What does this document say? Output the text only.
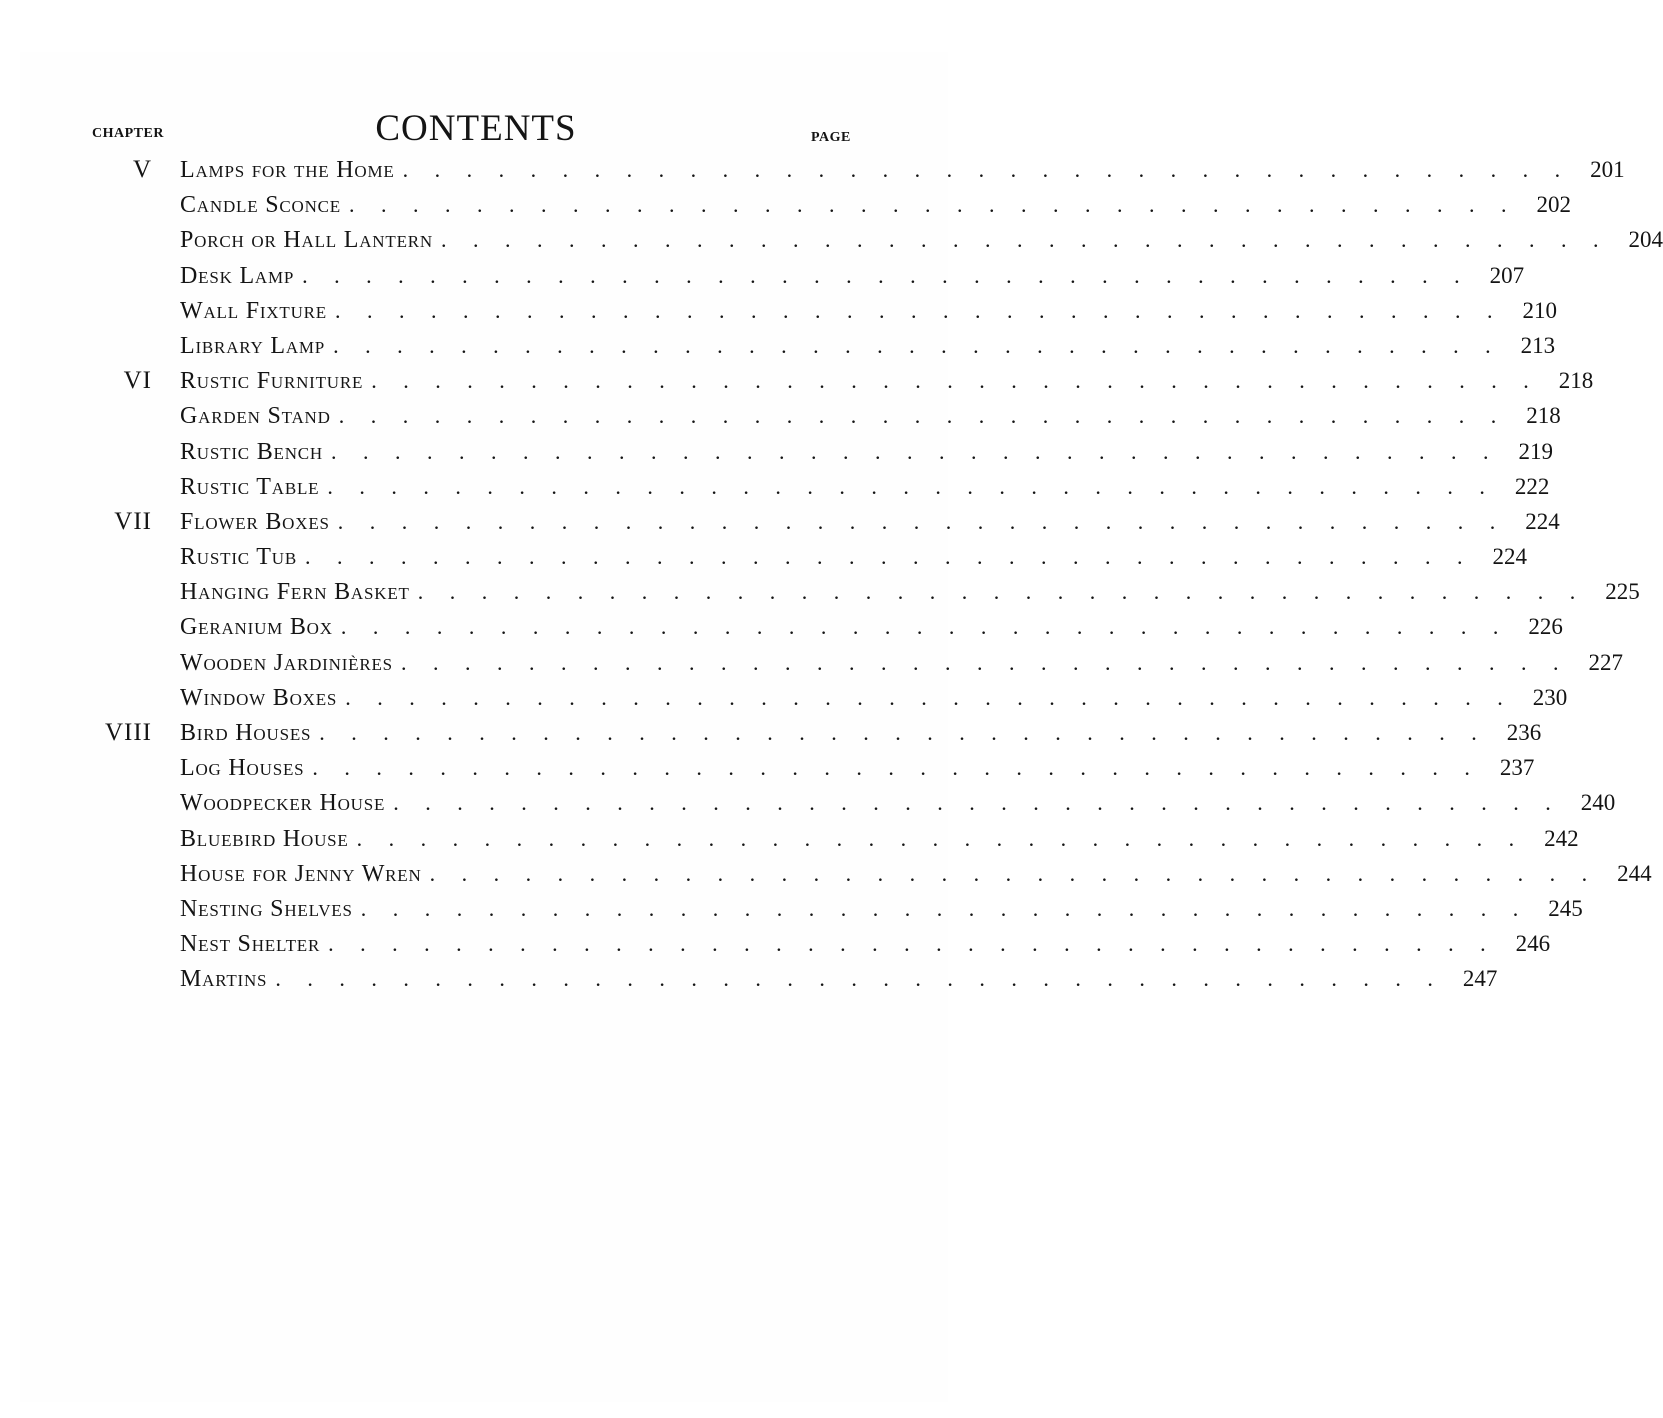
CONTENTS
CHAPTER	PAGE
V Lamps for the Home . . . . . . . . . . . . . . . . . . . . . . . . . . . . . . . . . . . . . 201
Candle Sconce . . . . . . . . . . . . . . . . . . . . . . . . . . . . . . . . . . . . . 202
Porch or Hall Lantern . . . . . . . . . . . . . . . . . . . . . . . . . . . . . . . . . . . . . 204
Desk Lamp . . . . . . . . . . . . . . . . . . . . . . . . . . . . . . . . . . . . . 207
Wall Fixture . . . . . . . . . . . . . . . . . . . . . . . . . . . . . . . . . . . . . 210
Library Lamp . . . . . . . . . . . . . . . . . . . . . . . . . . . . . . . . . . . . . 213
VI Rustic Furniture . . . . . . . . . . . . . . . . . . . . . . . . . . . . . . . . . . . . . 218
Garden Stand . . . . . . . . . . . . . . . . . . . . . . . . . . . . . . . . . . . . . 218
Rustic Bench . . . . . . . . . . . . . . . . . . . . . . . . . . . . . . . . . . . . . 219
Rustic Table . . . . . . . . . . . . . . . . . . . . . . . . . . . . . . . . . . . . . 222
VII Flower Boxes . . . . . . . . . . . . . . . . . . . . . . . . . . . . . . . . . . . . . 224
Rustic Tub . . . . . . . . . . . . . . . . . . . . . . . . . . . . . . . . . . . . . 224
Hanging Fern Basket . . . . . . . . . . . . . . . . . . . . . . . . . . . . . . . . . . . . . 225
Geranium Box . . . . . . . . . . . . . . . . . . . . . . . . . . . . . . . . . . . . . 226
Wooden Jardinières . . . . . . . . . . . . . . . . . . . . . . . . . . . . . . . . . . . . . 227
Window Boxes . . . . . . . . . . . . . . . . . . . . . . . . . . . . . . . . . . . . . 230
VIII Bird Houses . . . . . . . . . . . . . . . . . . . . . . . . . . . . . . . . . . . . . 236
Log Houses . . . . . . . . . . . . . . . . . . . . . . . . . . . . . . . . . . . . . 237
Woodpecker House . . . . . . . . . . . . . . . . . . . . . . . . . . . . . . . . . . . . . 240
Bluebird House . . . . . . . . . . . . . . . . . . . . . . . . . . . . . . . . . . . . . 242
House for Jenny Wren . . . . . . . . . . . . . . . . . . . . . . . . . . . . . . . . . . . . . 244
Nesting Shelves . . . . . . . . . . . . . . . . . . . . . . . . . . . . . . . . . . . . . 245
Nest Shelter . . . . . . . . . . . . . . . . . . . . . . . . . . . . . . . . . . . . . 246
Martins . . . . . . . . . . . . . . . . . . . . . . . . . . . . . . . . . . . . . 247
